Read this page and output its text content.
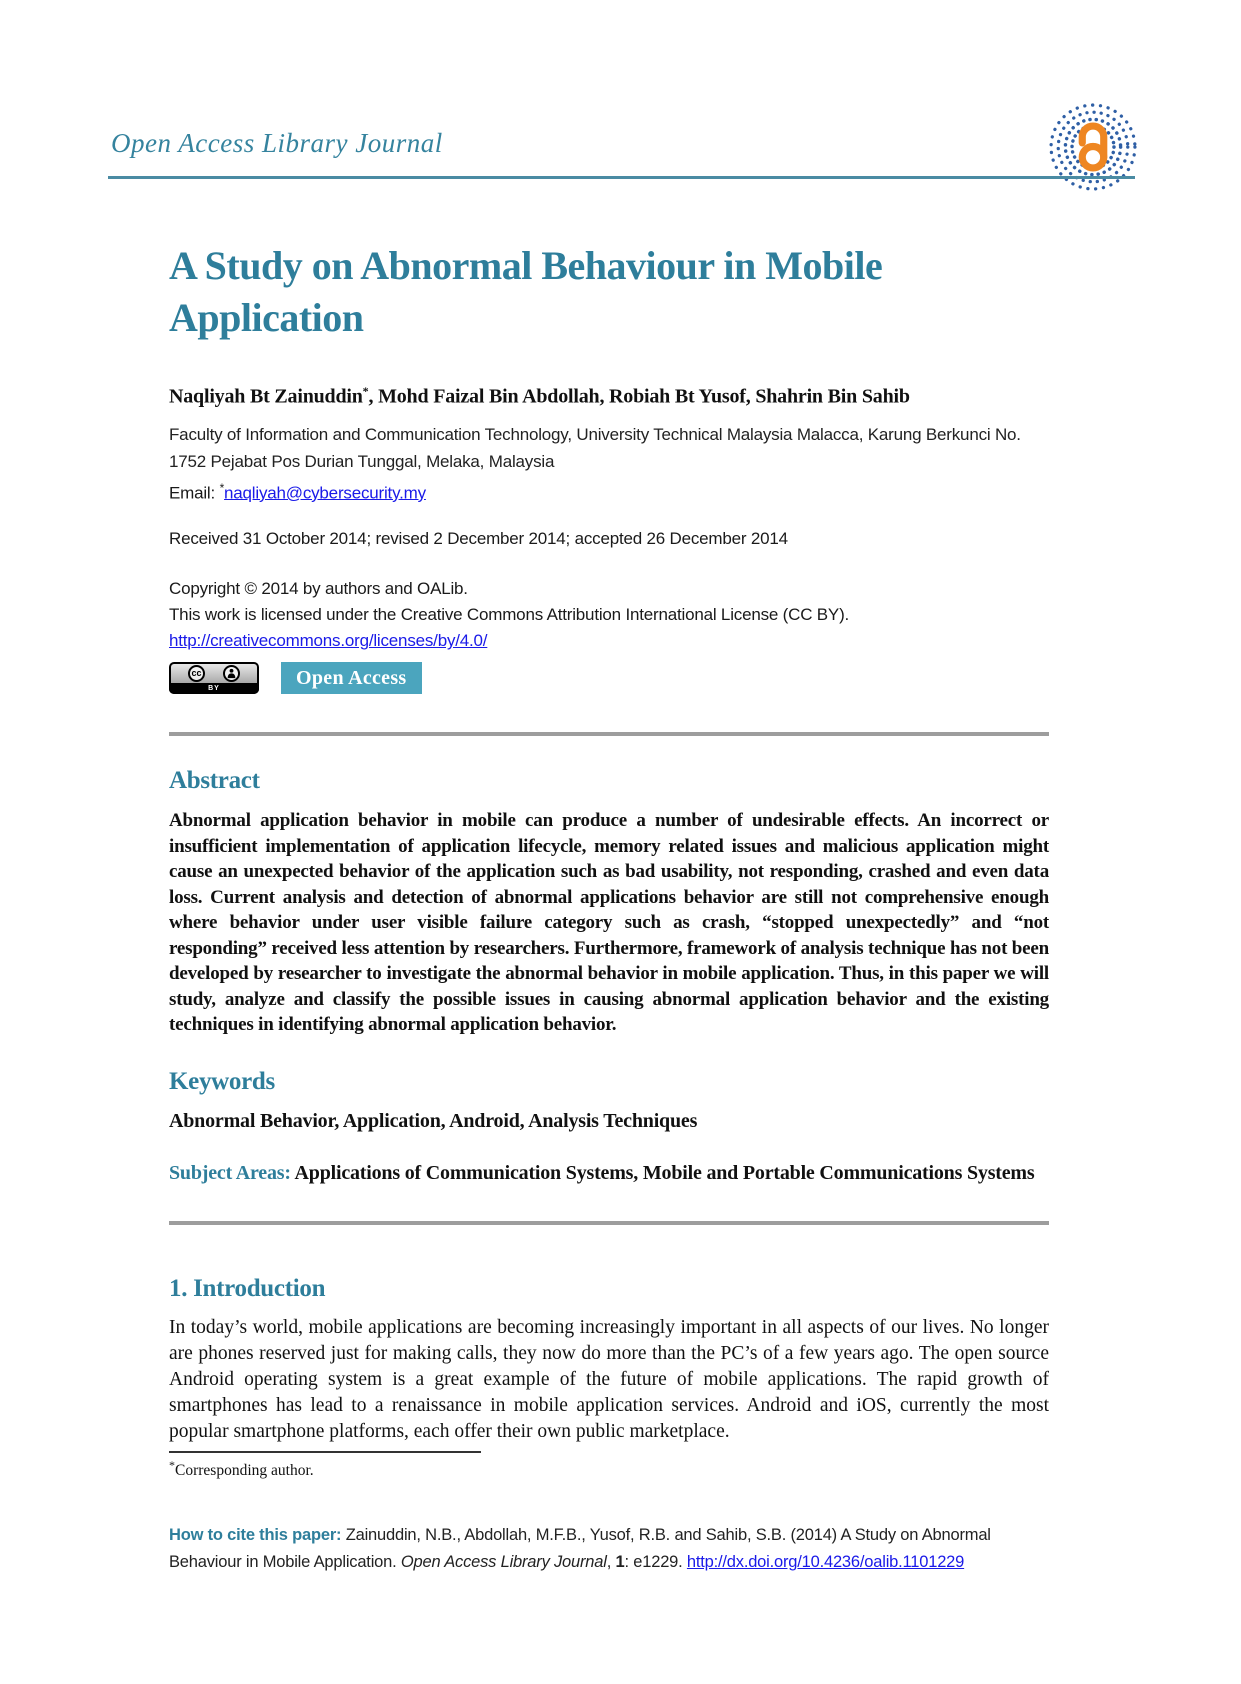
Open Access Library Journal
A Study on Abnormal Behaviour in Mobile Application

Naqliyah Bt Zainuddin*, Mohd Faizal Bin Abdollah, Robiah Bt Yusof, Shahrin Bin Sahib

Faculty of Information and Communication Technology, University Technical Malaysia Malacca, Karung Berkunci No. 1752 Pejabat Pos Durian Tunggal, Melaka, Malaysia

Email: *naqliyah@cybersecurity.my

Received 31 October 2014; revised 2 December 2014; accepted 26 December 2014

Copyright © 2014 by authors and OALib.
This work is licensed under the Creative Commons Attribution International License (CC BY).
http://creativecommons.org/licenses/by/4.0/
cc
BY	Open Access
Abstract

Abnormal application behavior in mobile can produce a number of undesirable effects. An incorrect or insufficient implementation of application lifecycle, memory related issues and malicious application might cause an unexpected behavior of the application such as bad usability, not responding, crashed and even data loss. Current analysis and detection of abnormal applications behavior are still not comprehensive enough where behavior under user visible failure category such as crash, “stopped unexpectedly” and “not responding” received less attention by researchers. Furthermore, framework of analysis technique has not been developed by researcher to investigate the abnormal behavior in mobile application. Thus, in this paper we will study, analyze and classify the possible issues in causing abnormal application behavior and the existing techniques in identifying abnormal application behavior.

Keywords

Abnormal Behavior, Application, Android, Analysis Techniques

Subject Areas: Applications of Communication Systems, Mobile and Portable Communications Systems

1. Introduction

In today’s world, mobile applications are becoming increasingly important in all aspects of our lives. No longer are phones reserved just for making calls, they now do more than the PC’s of a few years ago. The open source Android operating system is a great example of the future of mobile applications. The rapid growth of smartphones has lead to a renaissance in mobile application services. Android and iOS, currently the most popular smartphone platforms, each offer their own public marketplace.

*Corresponding author.

How to cite this paper: Zainuddin, N.B., Abdollah, M.F.B., Yusof, R.B. and Sahib, S.B. (2014) A Study on Abnormal Behaviour in Mobile Application. Open Access Library Journal, 1: e1229. http://dx.doi.org/10.4236/oalib.1101229
